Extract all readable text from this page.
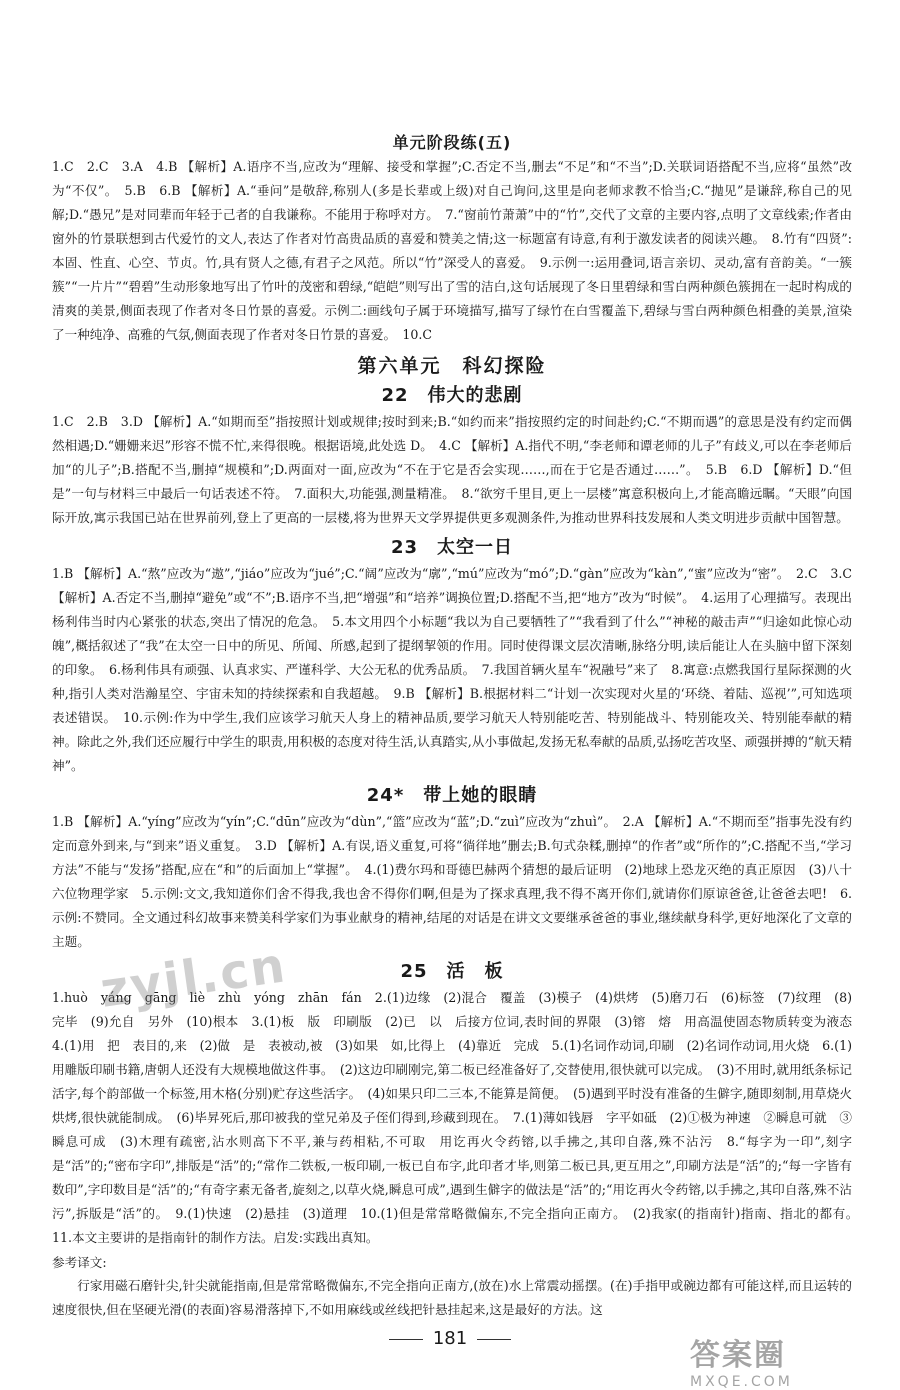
单元阶段练(五)

1.C　2.C　3.A　4.B 【解析】A.语序不当,应改为“理解、接受和掌握”;C.否定不当,删去“不足”和“不当”;D.关联词语搭配不当,应将“虽然”改为“不仅”。　5.B　6.B 【解析】A.“垂问”是敬辞,称别人(多是长辈或上级)对自己询问,这里是向老师求教不恰当;C.“抛见”是谦辞,称自己的见解;D.“愚兄”是对同辈而年轻于己者的自我谦称。不能用于称呼对方。　7.“窗前竹萧萧”中的“竹”,交代了文章的主要内容,点明了文章线索;作者由窗外的竹景联想到古代爱竹的文人,表达了作者对竹高贵品质的喜爱和赞美之情;这一标题富有诗意,有利于激发读者的阅读兴趣。　8.竹有“四贤”:本固、性直、心空、节贞。竹,具有贤人之德,有君子之风范。所以“竹”深受人的喜爱。　9.示例一:运用叠词,语言亲切、灵动,富有音韵美。“一簇簇”“一片片”“碧碧”生动形象地写出了竹叶的茂密和碧绿,“皑皑”则写出了雪的洁白,这句话展现了冬日里碧绿和雪白两种颜色簇拥在一起时构成的清爽的美景,侧面表现了作者对冬日竹景的喜爱。示例二:画线句子属于环境描写,描写了绿竹在白雪覆盖下,碧绿与雪白两种颜色相叠的美景,渲染了一种纯净、高雅的气氛,侧面表现了作者对冬日竹景的喜爱。　10.C

第六单元　科幻探险
22　伟大的悲剧

1.C　2.B　3.D 【解析】A.“如期而至”指按照计划或规律;按时到来;B.“如约而来”指按照约定的时间赴约;C.“不期而遇”的意思是没有约定而偶然相遇;D.“姗姗来迟”形容不慌不忙,来得很晚。根据语境,此处选 D。　4.C 【解析】A.指代不明,“李老师和谭老师的儿子”有歧义,可以在李老师后加“的儿子”;B.搭配不当,删掉“规模和”;D.两面对一面,应改为“不在于它是否会实现……,而在于它是否通过……”。　5.B　6.D 【解析】D.“但是”一句与材料三中最后一句话表述不符。　7.面积大,功能强,测量精准。　8.“欲穷千里目,更上一层楼”寓意积极向上,才能高瞻远瞩。“天眼”向国际开放,寓示我国已站在世界前列,登上了更高的一层楼,将为世界天文学界提供更多观测条件,为推动世界科技发展和人类文明进步贡献中国智慧。

23　太空一日

1.B 【解析】A.“熬”应改为“遨”,“jiáo”应改为“jué”;C.“阔”应改为“廓”,“mú”应改为“mó”;D.“gàn”应改为“kàn”,“蜜”应改为“密”。　2.C　3.C 【解析】A.否定不当,删掉“避免”或“不”;B.语序不当,把“增强”和“培养”调换位置;D.搭配不当,把“地方”改为“时候”。　4.运用了心理描写。表现出杨利伟当时内心紧张的状态,突出了情况的危急。　5.本文用四个小标题“我以为自己要牺牲了”“我看到了什么”“神秘的敲击声”“归途如此惊心动魄”,概括叙述了“我”在太空一日中的所见、所闻、所感,起到了提纲挈领的作用。同时使得课文层次清晰,脉络分明,读后能让人在头脑中留下深刻的印象。　6.杨利伟具有顽强、认真求实、严谨科学、大公无私的优秀品质。　7.我国首辆火星车“祝融号”来了　8.寓意:点燃我国行星际探测的火种,指引人类对浩瀚星空、宇宙未知的持续探索和自我超越。　9.B 【解析】B.根据材料二“计划一次实现对火星的‘环绕、着陆、巡视’”,可知选项表述错误。　10.示例:作为中学生,我们应该学习航天人身上的精神品质,要学习航天人特别能吃苦、特别能战斗、特别能攻关、特别能奉献的精神。除此之外,我们还应履行中学生的职责,用积极的态度对待生活,认真踏实,从小事做起,发扬无私奉献的品质,弘扬吃苦攻坚、顽强拼搏的“航天精神”。

24*　带上她的眼睛

1.B 【解析】A.“yíng”应改为“yín”;C.“dūn”应改为“dùn”,“篮”应改为“蓝”;D.“zuì”应改为“zhuì”。　2.A 【解析】A.“不期而至”指事先没有约定而意外到来,与“到来”语义重复。　3.D 【解析】A.有误,语义重复,可将“徜徉地”删去;B.句式杂糅,删掉“的作者”或“所作的”;C.搭配不当,“学习方法”不能与“发扬”搭配,应在“和”的后面加上“掌握”。　4.(1)费尔玛和哥德巴赫两个猜想的最后证明　(2)地球上恐龙灭绝的真正原因　(3)八十六位物理学家　5.示例:文文,我知道你们舍不得我,我也舍不得你们啊,但是为了探求真理,我不得不离开你们,就请你们原谅爸爸,让爸爸去吧!　6.示例:不赞同。全文通过科幻故事来赞美科学家们为事业献身的精神,结尾的对话是在讲文文要继承爸爸的事业,继续献身科学,更好地深化了文章的主题。

25　活　板

1.huò　yáng　gāng　liè　zhù　yóng　zhān　fán　2.(1)边缘　(2)混合　覆盖　(3)模子　(4)烘烤　(5)磨刀石　(6)标签　(7)纹理　(8)完毕　(9)允自　另外　(10)根本　3.(1)板　版　印刷版　(2)已　以　后接方位词,表时间的界限　(3)镕　熔　用高温使固态物质转变为液态　4.(1)用　把　表目的,来　(2)做　是　表被动,被　(3)如果　如,比得上　(4)靠近　完成　5.(1)名词作动词,印刷　(2)名词作动词,用火烧　6.(1)用雕版印刷书籍,唐朝人还没有大规模地做这件事。　(2)这边印刷刚完,第二板已经准备好了,交替使用,很快就可以完成。　(3)不用时,就用纸条标记活字,每个韵部做一个标签,用木格(分别)贮存这些活字。　(4)如果只印二三本,不能算是简便。　(5)遇到平时没有准备的生僻字,随即刻制,用草烧火烘烤,很快就能制成。　(6)毕昇死后,那印被我的堂兄弟及子侄们得到,珍藏到现在。　7.(1)薄如钱唇　字平如砥　(2)①极为神速　②瞬息可就　③瞬息可成　(3)木理有疏密,沾水则高下不平,兼与药相粘,不可取　用讫再火令药镕,以手拂之,其印自落,殊不沾污　8.“每字为一印”,刻字是“活”的;“密布字印”,排版是“活”的;“常作二铁板,一板印刷,一板已自布字,此印者才毕,则第二板已具,更互用之”,印刷方法是“活”的;“每一字皆有数印”,字印数目是“活”的;“有奇字素无备者,旋刻之,以草火烧,瞬息可成”,遇到生僻字的做法是“活”的;“用讫再火令药镕,以手拂之,其印自落,殊不沾污”,拆版是“活”的。　9.(1)快速　(2)悬挂　(3)道理　10.(1)但是常常略微偏东,不完全指向正南方。　(2)我家(的指南针)指南、指北的都有。　11.本文主要讲的是指南针的制作方法。启发:实践出真知。

参考译文:

行家用磁石磨针尖,针尖就能指南,但是常常略微偏东,不完全指向正南方,(放在)水上常震动摇摆。(在)手指甲或碗边都有可能这样,而且运转的速度很快,但在坚硬光滑(的表面)容易滑落掉下,不如用麻线或丝线把针悬挂起来,这是最好的方法。这

zyjl.cn
181	答案圈
MXQE.COM
